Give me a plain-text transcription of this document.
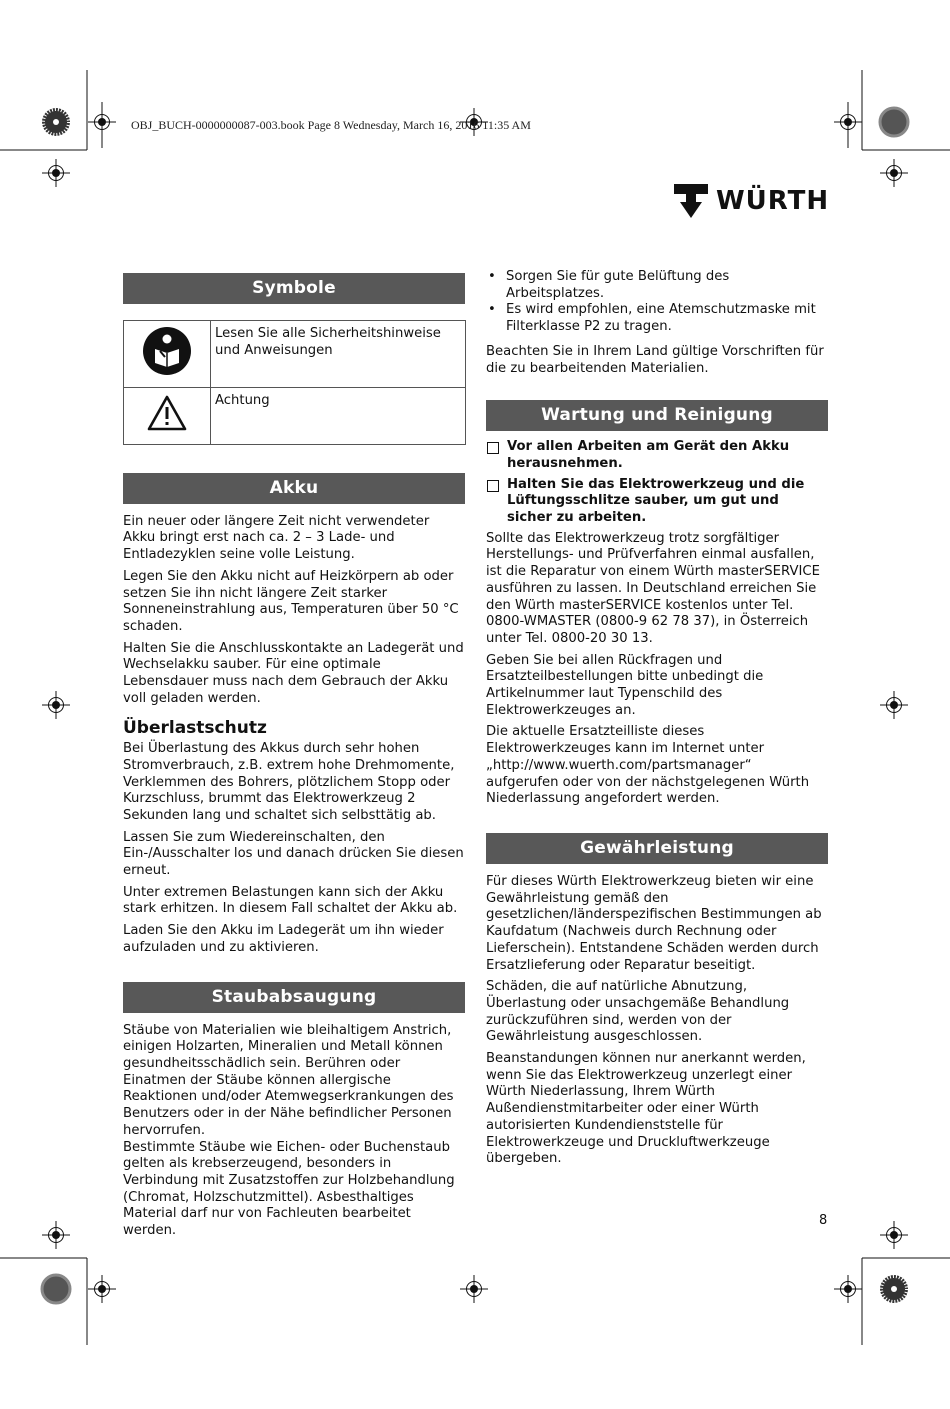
OBJ_BUCH-0000000087-003.book Page 8 Wednesday, March 16, 2016 11:35 AM
WÜRTH
Symbole
	Lesen Sie alle Sicherheitshinweise und Anweisungen
	Achtung
Akku

Ein neuer oder längere Zeit nicht verwendeter Akku bringt erst nach ca. 2 – 3 Lade- und Entladezyklen seine volle Leistung.

Legen Sie den Akku nicht auf Heizkörpern ab oder setzen Sie ihn nicht längere Zeit starker Sonneneinstrahlung aus, Temperaturen über 50 °C schaden.

Halten Sie die Anschlusskontakte an Ladegerät und Wechselakku sauber. Für eine optimale Lebensdauer muss nach dem Gebrauch der Akku voll geladen werden.

Überlastschutz

Bei Überlastung des Akkus durch sehr hohen Stromverbrauch, z.B. extrem hohe Drehmomente, Verklemmen des Bohrers, plötzlichem Stopp oder Kurzschluss, brummt das Elektrowerkzeug 2 Sekunden lang und schaltet sich selbsttätig ab.

Lassen Sie zum Wiedereinschalten, den Ein-/Ausschalter los und danach drücken Sie diesen erneut.

Unter extremen Belastungen kann sich der Akku stark erhitzen. In diesem Fall schaltet der Akku ab.

Laden Sie den Akku im Ladegerät um ihn wieder aufzuladen und zu aktivieren.

Staubabsaugung

Stäube von Materialien wie bleihaltigem Anstrich, einigen Holzarten, Mineralien und Metall können gesundheitsschädlich sein. Berühren oder Einatmen der Stäube können allergische Reaktionen und/oder Atemwegserkrankungen des Benutzers oder in der Nähe befindlicher Personen hervorrufen.

Bestimmte Stäube wie Eichen- oder Buchenstaub gelten als krebserzeugend, besonders in Verbindung mit Zusatzstoffen zur Holzbehandlung (Chromat, Holzschutzmittel). Asbesthaltiges Material darf nur von Fachleuten bearbeitet werden.

• Sorgen Sie für gute Belüftung des Arbeitsplatzes.
• Es wird empfohlen, eine Atemschutzmaske mit Filterklasse P2 zu tragen.

Beachten Sie in Ihrem Land gültige Vorschriften für die zu bearbeitenden Materialien.

Wartung und Reinigung
Vor allen Arbeiten am Gerät den Akku herausnehmen.
Halten Sie das Elektrowerkzeug und die Lüftungsschlitze sauber, um gut und sicher zu arbeiten.

Sollte das Elektrowerkzeug trotz sorgfältiger Herstellungs- und Prüfverfahren einmal ausfallen, ist die Reparatur von einem Würth masterSERVICE ausführen zu lassen. In Deutschland erreichen Sie den Würth masterSERVICE kostenlos unter Tel. 0800-WMASTER (0800-9 62 78 37), in Österreich unter Tel. 0800-20 30 13.

Geben Sie bei allen Rückfragen und Ersatzteilbestellungen bitte unbedingt die Artikelnummer laut Typenschild des Elektrowerkzeuges an.

Die aktuelle Ersatzteilliste dieses Elektrowerkzeuges kann im Internet unter „http://www.wuerth.com/partsmanager“ aufgerufen oder von der nächstgelegenen Würth Niederlassung angefordert werden.

Gewährleistung

Für dieses Würth Elektrowerkzeug bieten wir eine Gewährleistung gemäß den gesetzlichen/länderspezifischen Bestimmungen ab Kaufdatum (Nachweis durch Rechnung oder Lieferschein). Entstandene Schäden werden durch Ersatzlieferung oder Reparatur beseitigt.

Schäden, die auf natürliche Abnutzung, Überlastung oder unsachgemäße Behandlung zurückzuführen sind, werden von der Gewährleistung ausgeschlossen.

Beanstandungen können nur anerkannt werden, wenn Sie das Elektrowerkzeug unzerlegt einer Würth Niederlassung, Ihrem Würth Außendienstmitarbeiter oder einer Würth autorisierten Kundendienststelle für Elektrowerkzeuge und Druckluftwerkzeuge übergeben.

8
